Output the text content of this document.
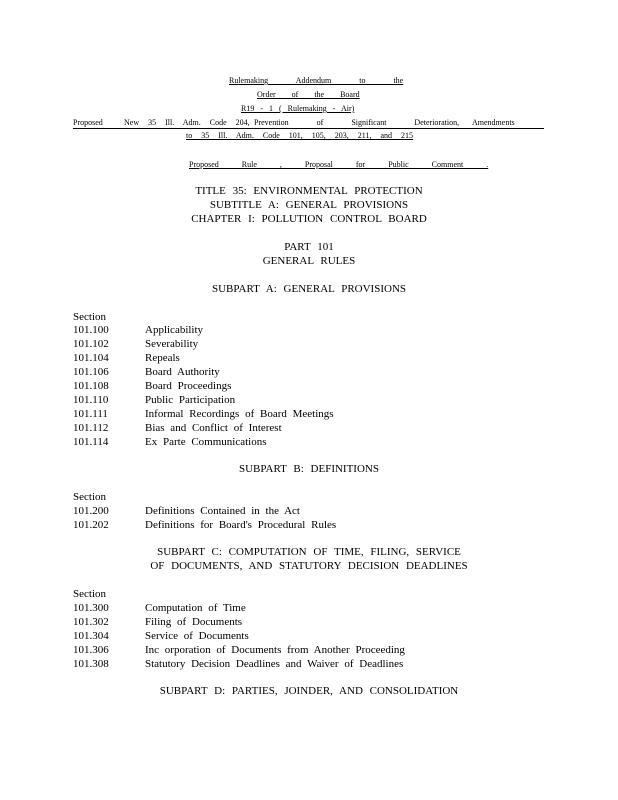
Rulemaking Addendum to the
Order of the Board
R19 - 1 ( Rulemaking - Air)
Proposed	New 35 Ill. Adm. Code 204, Prevention of Significant Deterioration, Amendments
to 35 Ill. Adm. Code 101, 105, 203, 211, and 215
Proposed Rule , Proposal for Public Comment .
TITLE 35: ENVIRONMENTAL PROTECTION
SUBTITLE A: GENERAL PROVISIONS
CHAPTER I: POLLUTION CONTROL BOARD
PART 101
GENERAL RULES
SUBPART A: GENERAL PROVISIONS
Section
101.100	Applicability
101.102	Severability
101.104	Repeals
101.106	Board Authority
101.108	Board Proceedings
101.110	Public Participation
101.111	Informal Recordings of Board Meetings
101.112	Bias and Conflict of Interest
101.114	Ex Parte Communications
SUBPART B: DEFINITIONS
Section
101.200	Definitions Contained in the Act
101.202	Definitions for Board's Procedural Rules
SUBPART C: COMPUTATION OF TIME, FILING, SERVICE
OF DOCUMENTS, AND STATUTORY DECISION DEADLINES
Section
101.300	Computation of Time
101.302	Filing of Documents
101.304	Service of Documents
101.306	Inc orporation of Documents from Another Proceeding
101.308	Statutory Decision Deadlines and Waiver of Deadlines
SUBPART D: PARTIES, JOINDER, AND CONSOLIDATION
